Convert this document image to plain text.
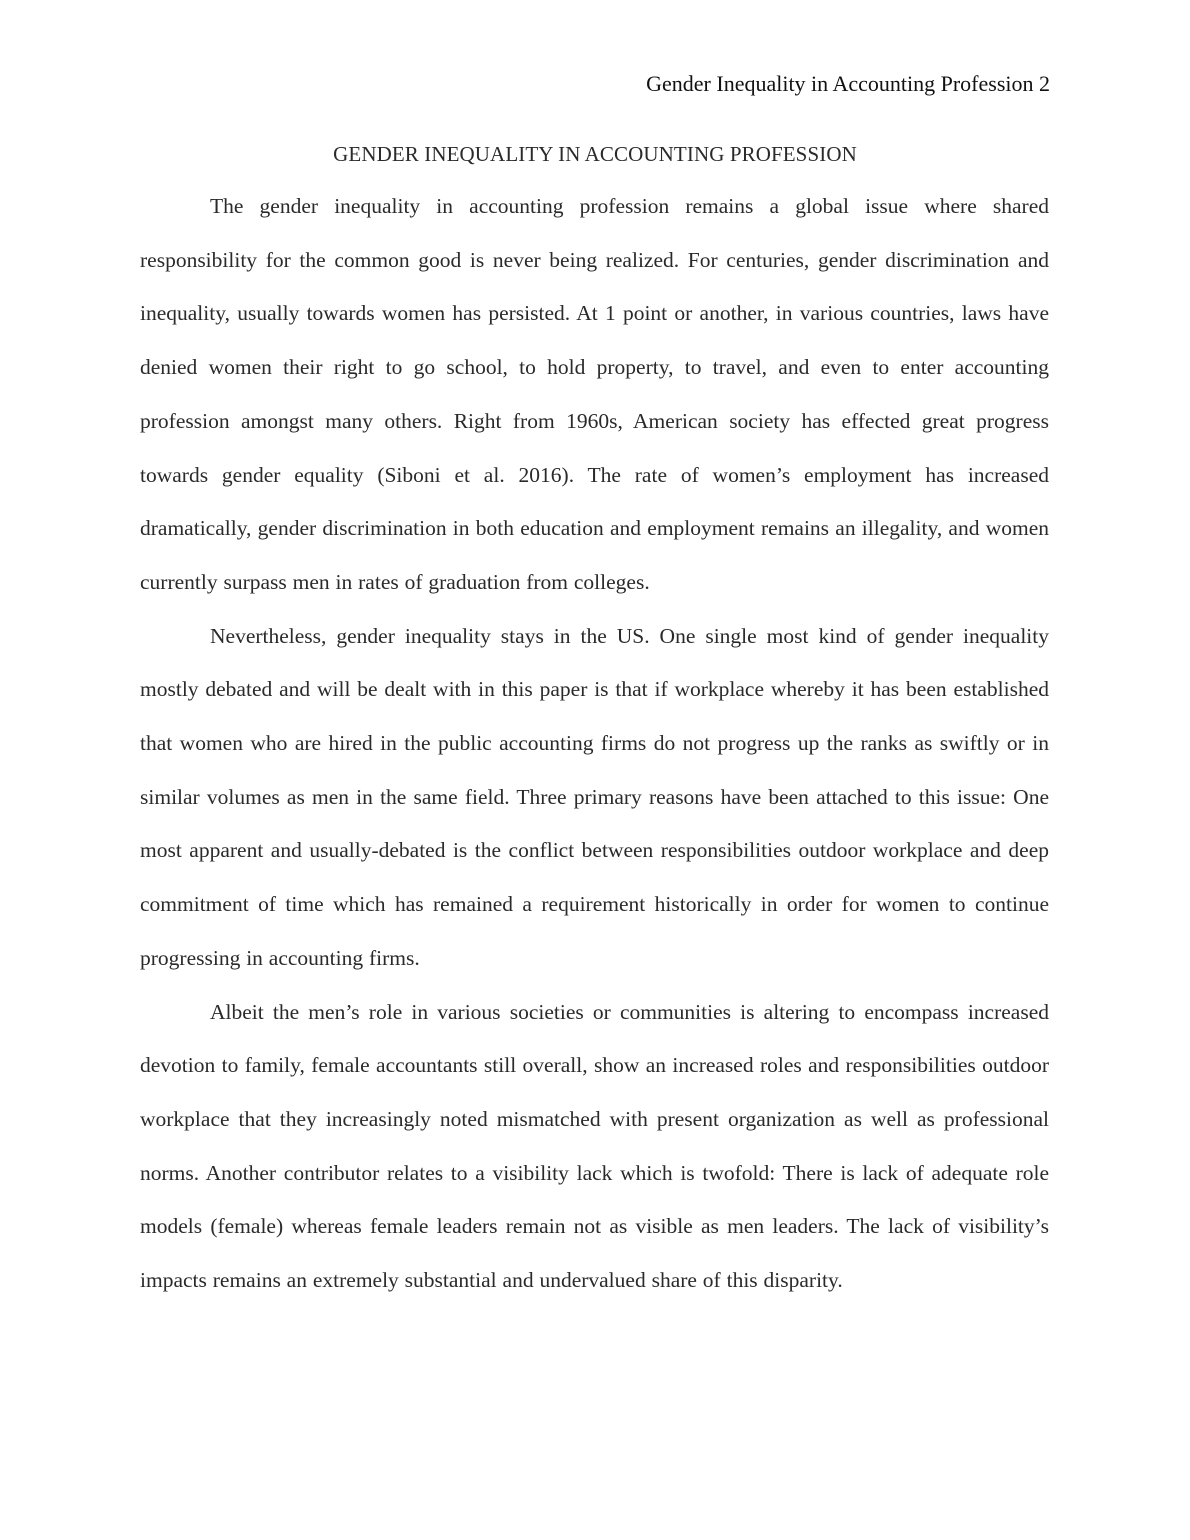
Gender Inequality in Accounting Profession 2
GENDER INEQUALITY IN ACCOUNTING PROFESSION

The gender inequality in accounting profession remains a global issue where shared responsibility for the common good is never being realized. For centuries, gender discrimination and inequality, usually towards women has persisted. At 1 point or another, in various countries, laws have denied women their right to go school, to hold property, to travel, and even to enter accounting profession amongst many others. Right from 1960s, American society has effected great progress towards gender equality (Siboni et al. 2016). The rate of women’s employment has increased dramatically, gender discrimination in both education and employment remains an illegality, and women currently surpass men in rates of graduation from colleges.

Nevertheless, gender inequality stays in the US. One single most kind of gender inequality mostly debated and will be dealt with in this paper is that if workplace whereby it has been established that women who are hired in the public accounting firms do not progress up the ranks as swiftly or in similar volumes as men in the same field. Three primary reasons have been attached to this issue: One most apparent and usually-debated is the conflict between responsibilities outdoor workplace and deep commitment of time which has remained a requirement historically in order for women to continue progressing in accounting firms.

Albeit the men’s role in various societies or communities is altering to encompass increased devotion to family, female accountants still overall, show an increased roles and responsibilities outdoor workplace that they increasingly noted mismatched with present organization as well as professional norms. Another contributor relates to a visibility lack which is twofold: There is lack of adequate role models (female) whereas female leaders remain not as visible as men leaders. The lack of visibility’s impacts remains an extremely substantial and undervalued share of this disparity.
